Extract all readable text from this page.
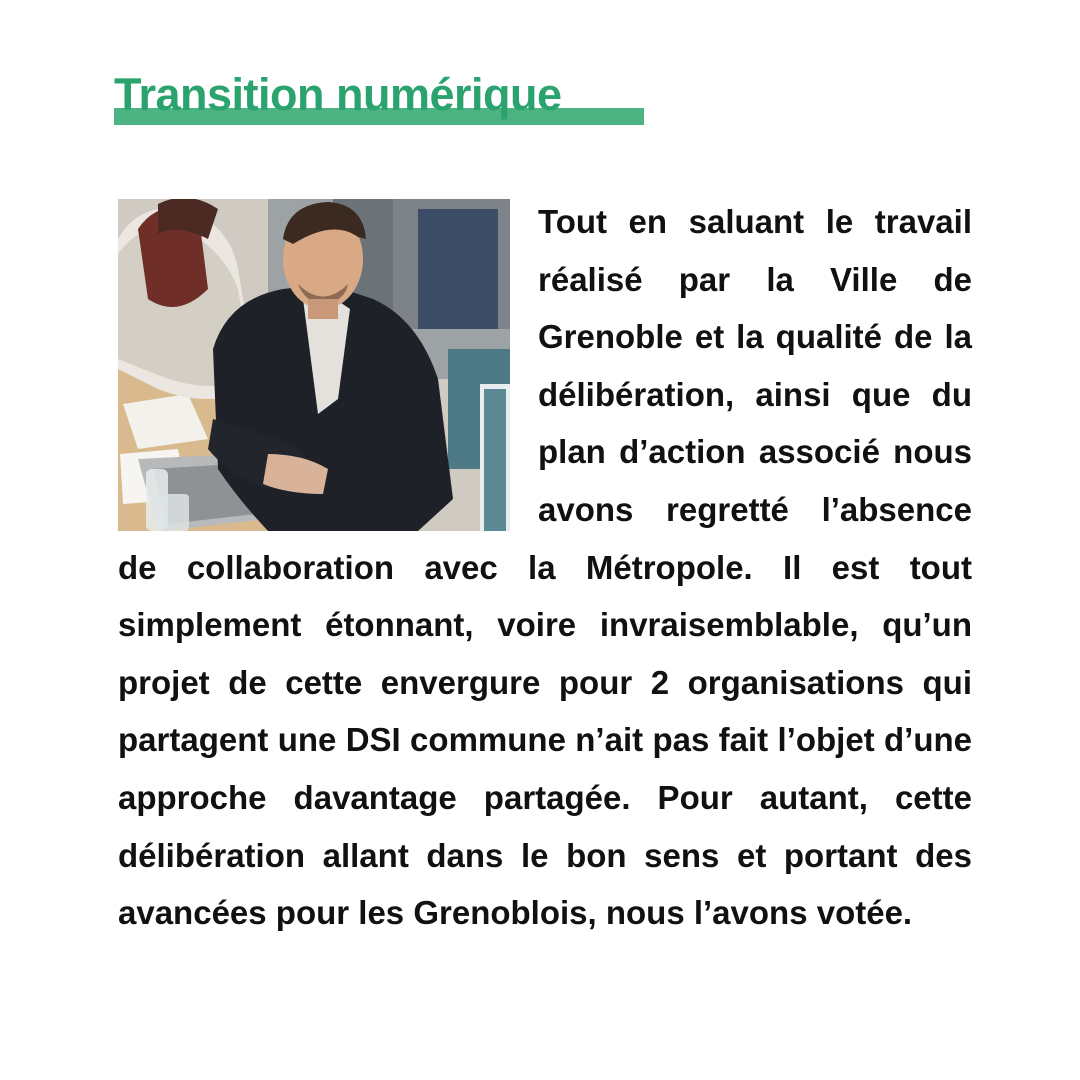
Transition numérique
Tout en saluant le travail réalisé par la Ville de Grenoble et la qualité de la délibération, ainsi que du plan d’action associé nous avons regretté l’absence de collaboration avec la Métropole. Il est tout simplement étonnant, voire invraisemblable, qu’un projet de cette envergure pour 2 organisations qui partagent une DSI commune n’ait pas fait l’objet d’une approche davantage partagée. Pour autant, cette délibération allant dans le bon sens et portant des avancées pour les Grenoblois, nous l’avons votée.
